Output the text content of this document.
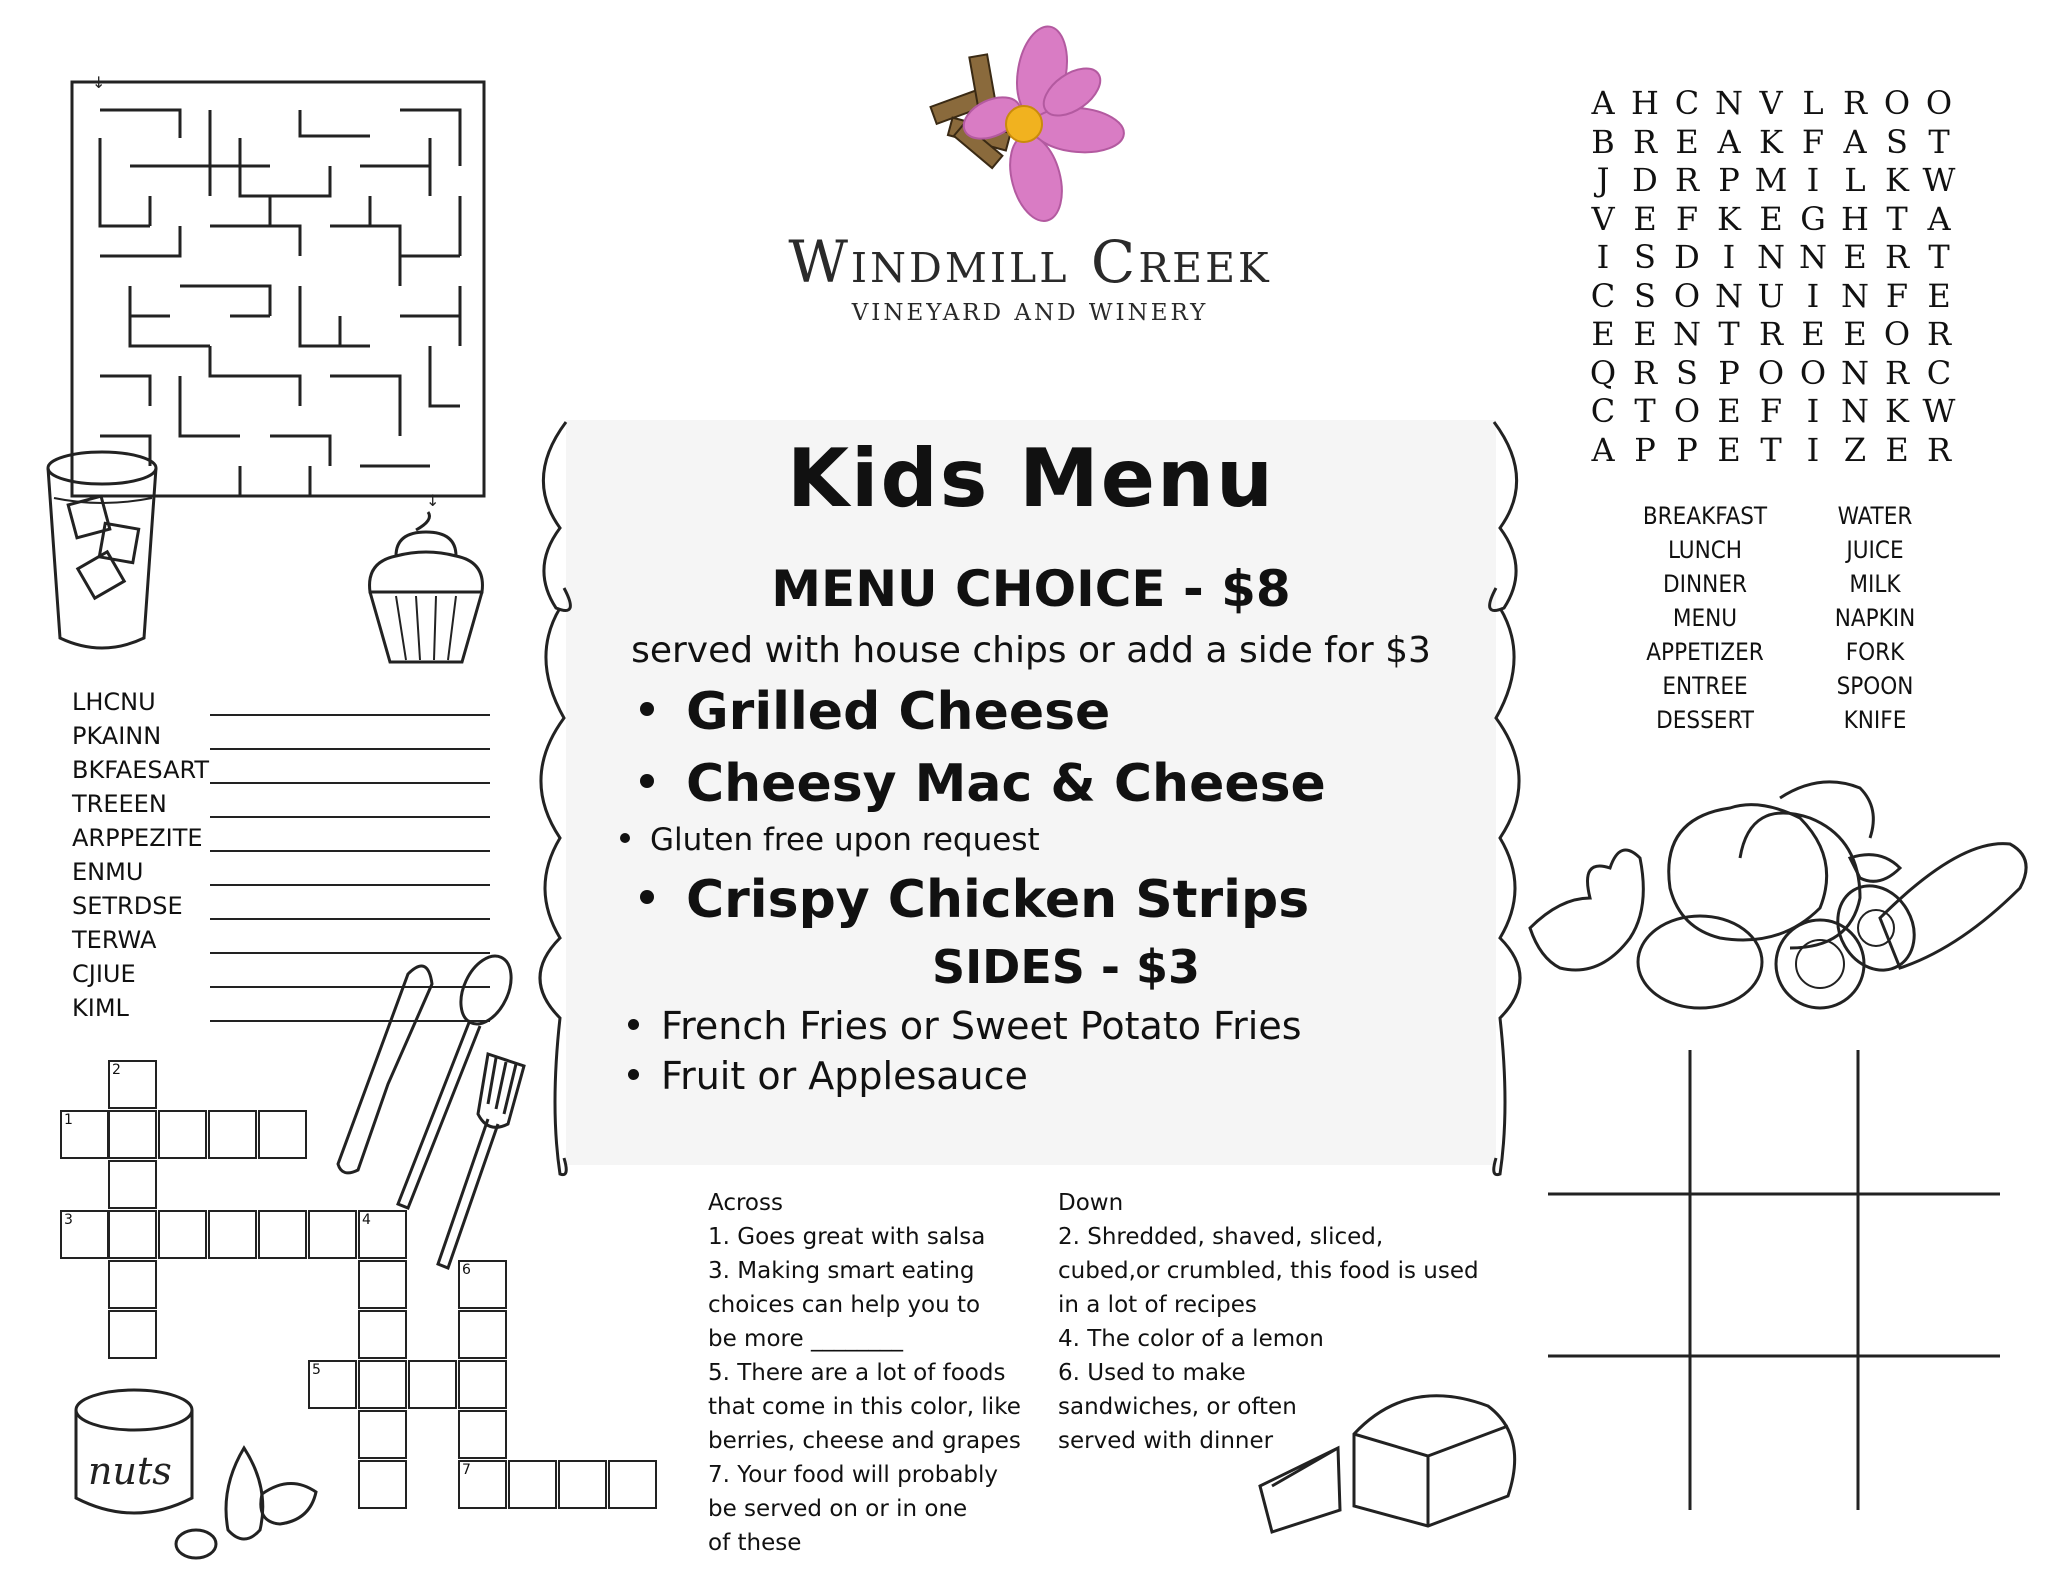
↓
↓
LHCNU
PKAINN
BKFAESART
TREEEN
ARPPEZITE
ENMU
SETRDSE
TERWA
CJIUE
KIML
1
2
3	4
5
6
7
nuts
Windmill Creek
VINEYARD AND WINERY
Kids Menu
MENU CHOICE - $8
served with house chips or add a side for $3
Grilled Cheese
Cheesy Mac & Cheese
Gluten free upon request
Crispy Chicken Strips
SIDES - $3
French Fries or Sweet Potato Fries
Fruit or Applesauce
Across
1. Goes great with salsa
3. Making smart eating
choices can help you to
be more ________
5. There are a lot of foods
that come in this color, like
berries, cheese and grapes
7. Your food will probably
be served on or in one
of these
Down
2. Shredded, shaved, sliced,
cubed,or crumbled, this food is used
in a lot of recipes
4. The color of a lemon
6. Used to make
sandwiches, or often
served with dinner
A H C N V L R O O
B R E A K F A S T
J D R P M I L K W
V E F K E G H T A
I S D I N N E R T
C S O N U I N F E
E E N T R E E O R
Q R S P O O N R C
C T O E F I N K W
A P P E T I Z E R
BREAKFAST	WATER
LUNCH	JUICE
DINNER	MILK
MENU	NAPKIN
APPETIZER	FORK
ENTREE	SPOON
DESSERT	KNIFE
